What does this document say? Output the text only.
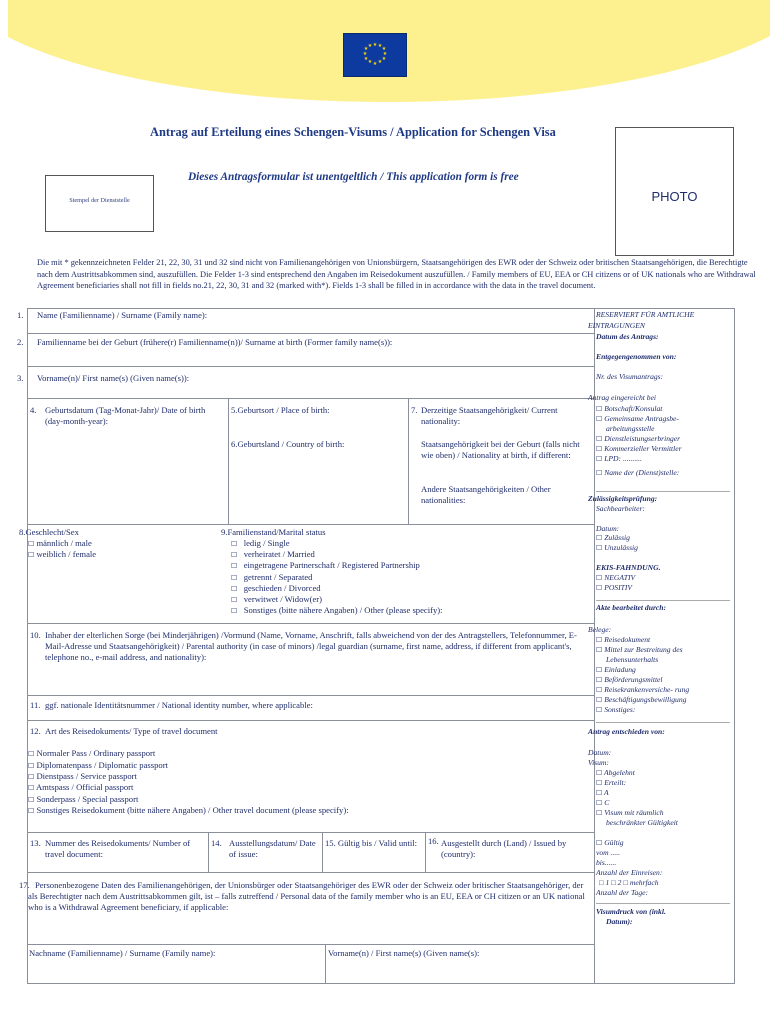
★ ★ ★
★
★
★
★
★
★
★
★ ★
Antrag auf Erteilung eines Schengen-Visums / Application for Schengen Visa
Dieses Antragsformular ist unentgeltlich / This application form is free
Stempel der Dienststelle	PHOTO
Die mit * gekennzeichneten Felder 21, 22, 30, 31 und 32 sind nicht von Familienangehörigen von Unionsbürgern, Staatsangehörigen des EWR oder der Schweiz oder britischen Staatsangehörigen, die Berechtigte nach dem Austrittsabkommen sind, auszufüllen. Die Felder 1-3 sind entsprechend den Angaben im Reisedokument auszufüllen. / Family members of EU, EEA or CH citizens or of UK nationals who are Withdrawal Agreement beneficiaries shall not fill in fields no.21, 22, 30, 31 and 32 (marked with*). Fields 1-3 shall be filled in in accordance with the data in the travel document.
1.
2.
3.
Name (Familienname) / Surname (Family name):
Familienname bei der Geburt (frühere(r) Familienname(n))/ Surname at birth (Former family name(s)):
Vorname(n)/ First name(s) (Given name(s)):
4. Geburtsdatum (Tag-Monat-Jahr)/ Date of birth (day-month-year):
5.Geburtsort / Place of birth:
6.Geburtsland / Country of birth:
7. Derzeitige Staatsangehörigkeit/ Current nationality:
Staatsangehörigkeit bei der Geburt (falls nicht wie oben) / Nationality at birth, if different:
Andere Staatsangehörigkeiten / Other nationalities:
8.Geschlecht/Sex
☐ männlich / male
☐ weiblich / female
9.Familienstand/Marital status
☐ ledig / Single
☐ verheiratet / Married
☐ eingetragene Partnerschaft / Registered Partnership
☐ getrennt / Separated
☐ geschieden / Divorced
☐ verwitwet / Widow(er)
☐ Sonstiges (bitte nähere Angaben) / Other (please specify):
10. Inhaber der elterlichen Sorge (bei Minderjährigen) /Vormund (Name, Vorname, Anschrift, falls abweichend von der des Antragstellers, Telefonnummer, E-Mail-Adresse und Staatsangehörigkeit) / Parental authority (in case of minors) /legal guardian (surname, first name, address, if different from applicant's, telephone no., e-mail address, and nationality):
11. ggf. nationale Identitätsnummer / National identity number, where applicable:
12. Art des Reisedokuments/ Type of travel document
☐ Normaler Pass / Ordinary passport
☐ Diplomatenpass / Diplomatic passport
☐ Dienstpass / Service passport
☐ Amtspass / Official passport
☐ Sonderpass / Special passport
☐ Sonstiges Reisedokument (bitte nähere Angaben) / Other travel document (please specify):
13. Nummer des Reisedokuments/ Number of travel document:
14. Ausstellungsdatum/ Date of issue:
15. Gültig bis / Valid until:	16. Ausgestellt durch (Land) / Issued by (country):
17. Personenbezogene Daten des Familienangehörigen, der Unionsbürger oder Staatsangehöriger des EWR oder der Schweiz oder britischer Staatsangehöriger, der als Berechtigter nach dem Austrittsabkommen gilt, ist – falls zutreffend / Personal data of the family member who is an EU, EEA or CH citizen or an UK national who is a Withdrawal Agreement beneficiary, if applicable:
Nachname (Familienname) / Surname (Family name):	Vorname(n) / First name(s) (Given name(s):
RESERVIERT FÜR AMTLICHE
EINTRAGUNGEN
Datum des Antrags:
Entgegengenommen von:
Nr. des Visumantrags:
Antrag eingereicht bei
☐ Botschaft/Konsulat
☐ Gemeinsame Antragsbe-
arbeitungsstelle
☐ Dienstleistungserbringer
☐ Kommerzieller Vermittler
☐ LPD: ..........
☐ Name der (Dienst)stelle:
Zulässigkeitsprüfung:
Sachbearbeiter:
Datum:
☐ Zulässig
☐ Unzulässig
EKIS-FAHNDUNG.
☐ NEGATIV
☐ POSITIV
Akte bearbeitet durch:
Belege:
☐ Reisedokument
☐ Mittel zur Bestreitung des
Lebensunterhalts
☐ Einladung
☐ Beförderungsmittel
☐ Reisekrankenversiche- rung
☐ Beschäftigungsbewilligung
☐ Sonstiges:
Antrag entschieden von:
Datum:
Visum:
☐ Abgelehnt
☐ Erteilt:
☐ A
☐ C
☐ Visum mit räumlich
beschränkter Gültigkeit
☐ Gültig
vom .....
bis......
Anzahl der Einreisen:
□ 1 □ 2 □ mehrfach
Anzahl der Tage:
Visumdruck von (inkl.
Datum):
